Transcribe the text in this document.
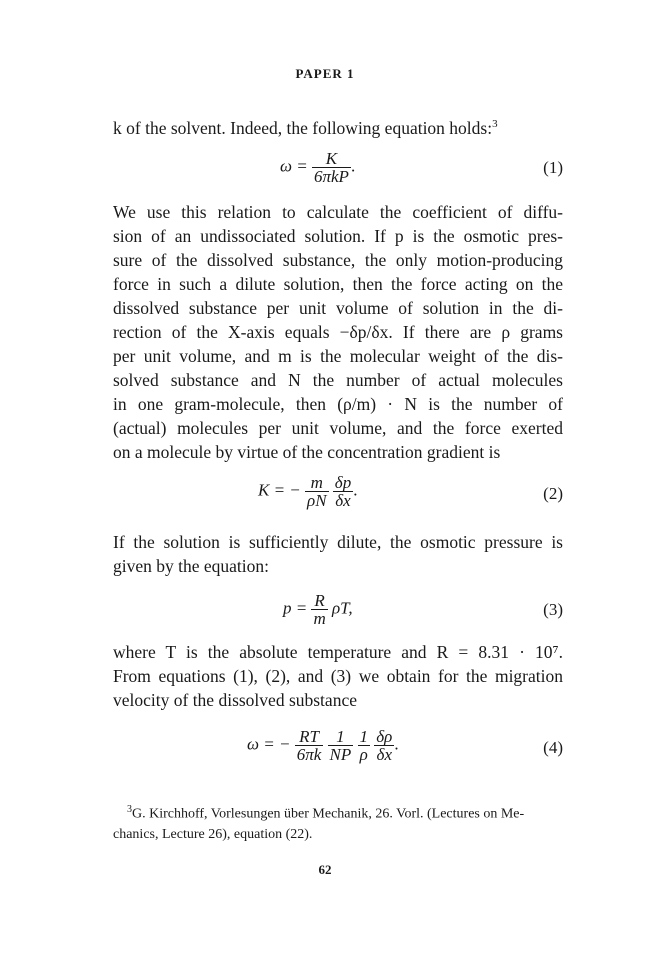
PAPER 1
k of the solvent. Indeed, the following equation holds:$^3$
$\omega = \frac{K}{\text{6πkP}}$ .	(1)
We use this relation to calculate the coefficient of diffu-
sion of an undissociated solution. If p is the osmotic pres-
sure of the dissolved substance, the only motion-producing
force in such a dilute solution, then the force acting on the
dissolved substance per unit volume of solution in the di-
rection of the X-axis equals −δp/δx. If there are ρ grams
per unit volume, and m is the molecular weight of the dis-
solved substance and N the number of actual molecules
in one gram-molecule, then (ρ/m) · N is the number of
(actual) molecules per unit volume, and the force exerted
on a molecule by virtue of the concentration gradient is
K = − $\frac{m}{\rho N}$
$\frac{\delta p}{\delta x}$ .	(2)
If the solution is sufficiently dilute, the osmotic pressure is
given by the equation:
$p = \frac{R}{m} \rho T$,	(3)
where T is the absolute temperature and R = 8.31 · 10⁷.
From equations (1), (2), and (3) we obtain for the migration
velocity of the dissolved substance
ω = − $\frac{RT}{6\pi k}$
$\frac{1}{NP}$
$\frac{1}{\rho}$
$\frac{\delta\rho}{\delta x}$ .	(4)
$^3$G. Kirchhoff, Vorlesungen über Mechanik, 26. Vorl. (Lectures on Me-
chanics, Lecture 26), equation (22).
62
